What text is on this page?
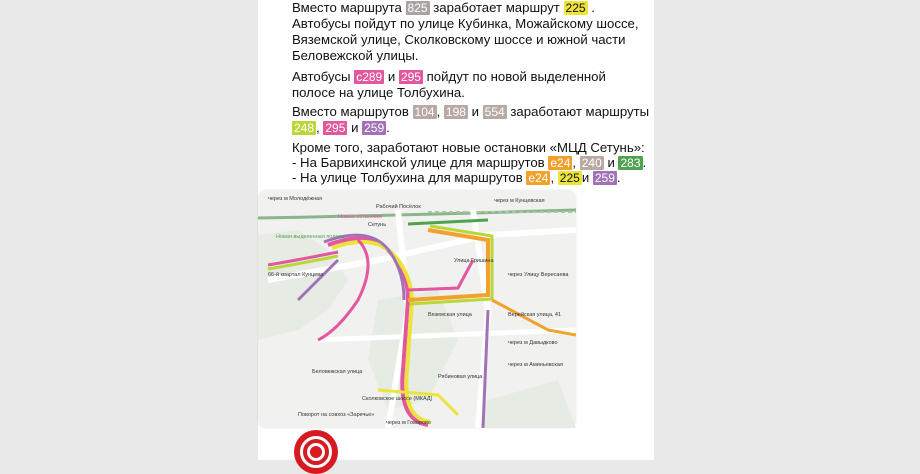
Вместо маршрута 825 заработает маршрут 225 .
Автобусы пойдут по улице Кубинка, Можайскому шоссе,
Вяземской улице, Сколковскому шоссе и южной части
Беловежской улицы.
Автобусы с289 и 295 пойдут по новой выделенной
полосе на улице Толбухина.
Вместо маршрутов 104 , 198 и 554 заработают маршруты
248 , 295 и 259 .
Кроме того, заработают новые остановки «МЦД Сетунь»:
- На Барвихинской улице для маршрутов е24 , 240 и 283 .
- На улице Толбухина для маршрутов е24 , 225 и 259 .
через м Молодёжная	через м Кунцевская
Сетунь
Рабочий Посёлок
Новые остановки
Новая выделенная полоса
66-й квартал Кунцева
Улица Гришина
через Улицу Вересаева
Вяземская улица	Верейская улица, 41
Беловежская улица
Рябиновая улица
Сколковское шоссе (МКАД)
Поворот на совхоз «Заречье»
через м Давыдково
через м Аминьевская
через м Говорово
